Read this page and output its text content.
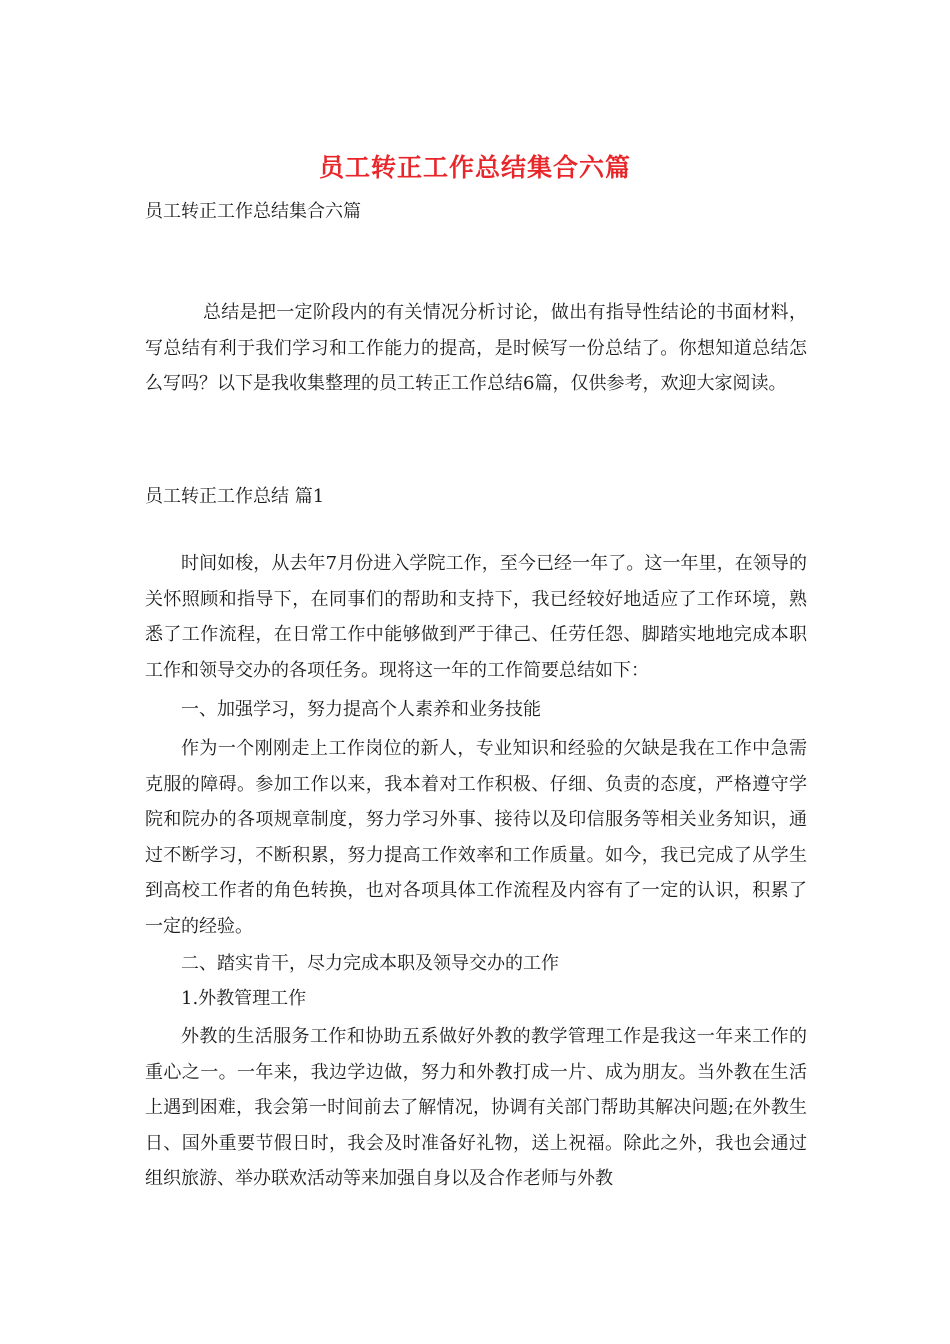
员工转正工作总结集合六篇
员工转正工作总结集合六篇

总结是把一定阶段内的有关情况分析讨论，做出有指导性结论的书面材料，写总结有利于我们学习和工作能力的提高，是时候写一份总结了。你想知道总结怎么写吗？以下是我收集整理的员工转正工作总结6篇，仅供参考，欢迎大家阅读。

员工转正工作总结 篇1

时间如梭，从去年7月份进入学院工作，至今已经一年了。这一年里，在领导的关怀照顾和指导下，在同事们的帮助和支持下，我已经较好地适应了工作环境，熟悉了工作流程，在日常工作中能够做到严于律己、任劳任怨、脚踏实地地完成本职工作和领导交办的各项任务。现将这一年的工作简要总结如下：

一、加强学习，努力提高个人素养和业务技能

作为一个刚刚走上工作岗位的新人，专业知识和经验的欠缺是我在工作中急需克服的障碍。参加工作以来，我本着对工作积极、仔细、负责的态度，严格遵守学院和院办的各项规章制度，努力学习外事、接待以及印信服务等相关业务知识，通过不断学习，不断积累，努力提高工作效率和工作质量。如今，我已完成了从学生到高校工作者的角色转换，也对各项具体工作流程及内容有了一定的认识，积累了一定的经验。

二、踏实肯干，尽力完成本职及领导交办的工作
1.外教管理工作

外教的生活服务工作和协助五系做好外教的教学管理工作是我这一年来工作的重心之一。一年来，我边学边做，努力和外教打成一片、成为朋友。当外教在生活上遇到困难，我会第一时间前去了解情况，协调有关部门帮助其解决问题;在外教生日、国外重要节假日时，我会及时准备好礼物，送上祝福。除此之外，我也会通过组织旅游、举办联欢活动等来加强自身以及合作老师与外教
